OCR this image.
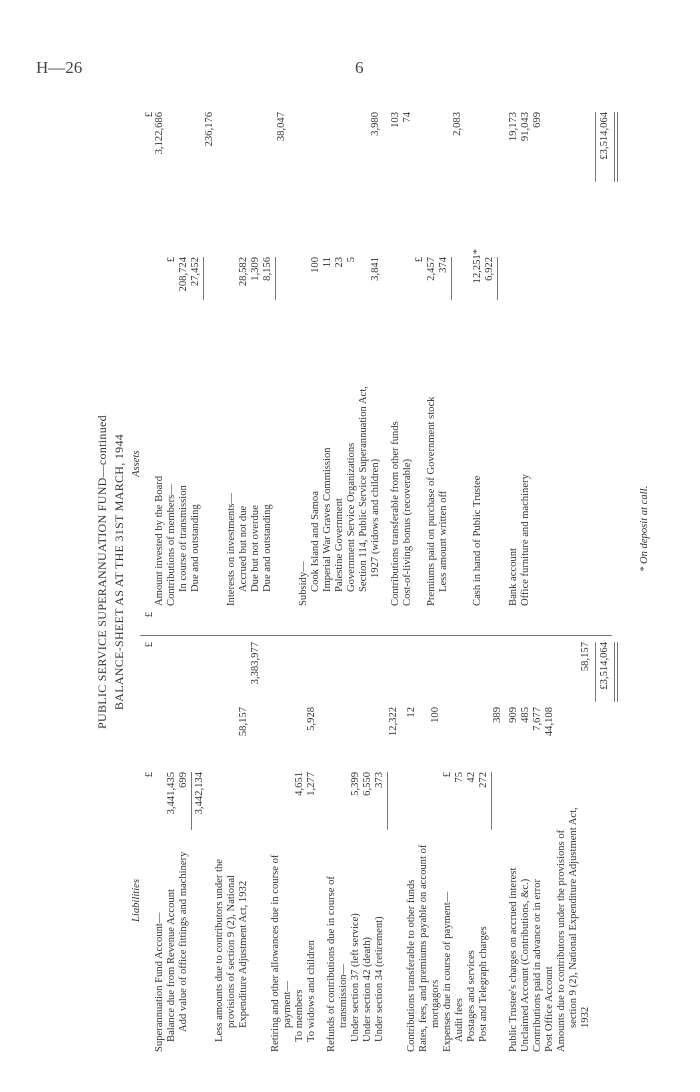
H—26	6
PUBLIC SERVICE SUPERANNUATION FUND—continued BALANCE-SHEET AS AT THE 31ST MARCH, 1944
Liabilities
£
£
Superannuation Fund Account— Balance due from Revenue Account
3,441,435
Add value of office fittings and machinery
699 3,442,134
Less amounts due to contributors under the provisions of section 9 (2), National Expenditure Adjustment Act, 1932
58,157
3,383,977
Retiring and other allowances due in course of payment— To members
4,651
To widows and children
1,277
5,928
Refunds of contributions due in course of transmission— Under section 37 (left service)
5,399
Under section 42 (death)
6,550
Under section 34 (retirement)
373
12,322
Contributions transferable to other funds
12
Rates, fees, and premiums payable on account of mortgagors
100
Expenses due in course of payment—
£
Audit fees
75
Postages and services
42
Post and Telegraph charges
272
389
Public Trustee's charges on accrued interest
909
Unclaimed Account (Contributions, &c.)
485
Contributions paid in advance or in error
7,677
Post Office Account
44,108
Amounts due to contributors under the provisions of section 9 (2), National Expenditure Adjustment Act, 1932
58,157 £3,514,064
Assets
£
£
Amount invested by the Board
3,122,686
Contributions of members—
£
In course of transmission
208,724
Due and outstanding
27,452
236,176
Interests on investments— Accrued but not due
28,582
Due but not overdue
1,309
Due and outstanding
8,156
38,047
Subsidy— Cook Island and Samoa
100
Imperial War Graves Commission
11
Palestine Government
23
Government Service Organizations
5
Section 114, Public Service Superannuation Act, 1927 (widows and children)
3,841
3,980
Contributions transferable from other funds
103
Cost-of-living bonus (recoverable)
74
£
Premiums paid on purchase of Government stock
2,457
Less amount written off
374
2,083
Cash in hand of Public Trustee
12,251*
Bank account
6,922
19,173
Office furniture and machinery
91,043 699	£3,514,064
* On deposit at call.
